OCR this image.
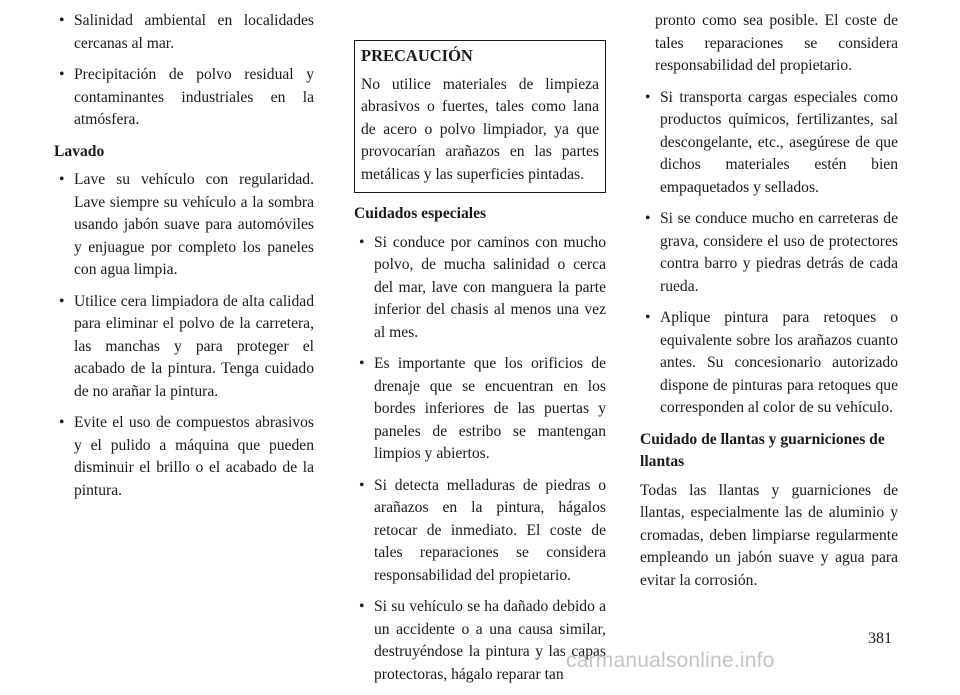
• Salinidad ambiental en localidades cercanas al mar.
• Precipitación de polvo residual y contaminantes industriales en la atmósfera.
Lavado
• Lave su vehículo con regularidad. Lave siempre su vehículo a la sombra usando jabón suave para automóviles y enjuague por completo los paneles con agua limpia.
• Utilice cera limpiadora de alta calidad para eliminar el polvo de la carretera, las manchas y para proteger el acabado de la pintura. Tenga cuidado de no arañar la pintura.
• Evite el uso de compuestos abrasivos y el pulido a máquina que pueden disminuir el brillo o el acabado de la pintura.
PRECAUCIÓN

No utilice materiales de limpieza abrasivos o fuertes, tales como lana de acero o polvo limpiador, ya que provocarían arañazos en las partes metálicas y las superficies pintadas.

Cuidados especiales
• Si conduce por caminos con mucho polvo, de mucha salinidad o cerca del mar, lave con manguera la parte inferior del chasis al menos una vez al mes.
• Es importante que los orificios de drenaje que se encuentran en los bordes inferiores de las puertas y paneles de estribo se mantengan limpios y abiertos.
• Si detecta melladuras de piedras o arañazos en la pintura, hágalos retocar de inmediato. El coste de tales reparaciones se considera responsabilidad del propietario.
• Si su vehículo se ha dañado debido a un accidente o a una causa similar, destruyéndose la pintura y las capas protectoras, hágalo reparar tan
pronto como sea posible. El coste de tales reparaciones se considera responsabilidad del propietario.
• Si transporta cargas especiales como productos químicos, fertilizantes, sal descongelante, etc., asegúrese de que dichos materiales estén bien empaquetados y sellados.
• Si se conduce mucho en carreteras de grava, considere el uso de protectores contra barro y piedras detrás de cada rueda.
• Aplique pintura para retoques o equivalente sobre los arañazos cuanto antes. Su concesionario autorizado dispone de pinturas para retoques que corresponden al color de su vehículo.
Cuidado de llantas y guarniciones de llantas

Todas las llantas y guarniciones de llantas, especialmente las de aluminio y cromadas, deben limpiarse regularmente empleando un jabón suave y agua para evitar la corrosión.

381
carmanualsonline.info
